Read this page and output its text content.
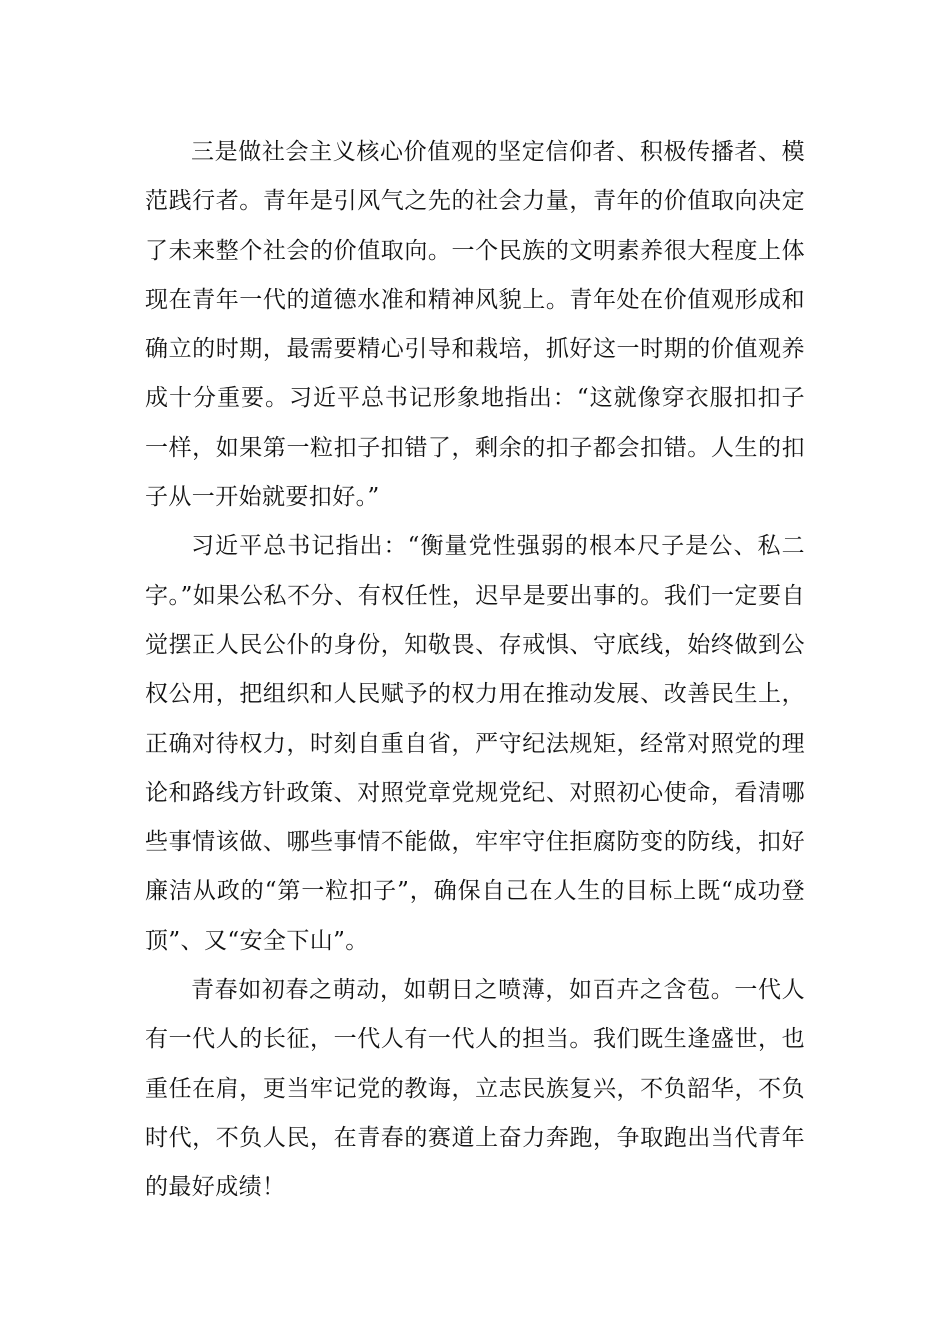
三是做社会主义核心价值观的坚定信仰者、积极传播者、模范践行者。青年是引风气之先的社会力量，青年的价值取向决定了未来整个社会的价值取向。一个民族的文明素养很大程度上体现在青年一代的道德水准和精神风貌上。青年处在价值观形成和确立的时期，最需要精心引导和栽培，抓好这一时期的价值观养成十分重要。习近平总书记形象地指出：“这就像穿衣服扣扣子一样，如果第一粒扣子扣错了，剩余的扣子都会扣错。人生的扣子从一开始就要扣好。”

习近平总书记指出：“衡量党性强弱的根本尺子是公、私二字。”如果公私不分、有权任性，迟早是要出事的。我们一定要自觉摆正人民公仆的身份，知敬畏、存戒惧、守底线，始终做到公权公用，把组织和人民赋予的权力用在推动发展、改善民生上，正确对待权力，时刻自重自省，严守纪法规矩，经常对照党的理论和路线方针政策、对照党章党规党纪、对照初心使命，看清哪些事情该做、哪些事情不能做，牢牢守住拒腐防变的防线，扣好廉洁从政的“第一粒扣子”，确保自己在人生的目标上既“成功登顶”、又“安全下山”。

青春如初春之萌动，如朝日之喷薄，如百卉之含苞。一代人有一代人的长征，一代人有一代人的担当。我们既生逢盛世，也重任在肩，更当牢记党的教诲，立志民族复兴，不负韶华，不负时代，不负人民，在青春的赛道上奋力奔跑，争取跑出当代青年的最好成绩！
